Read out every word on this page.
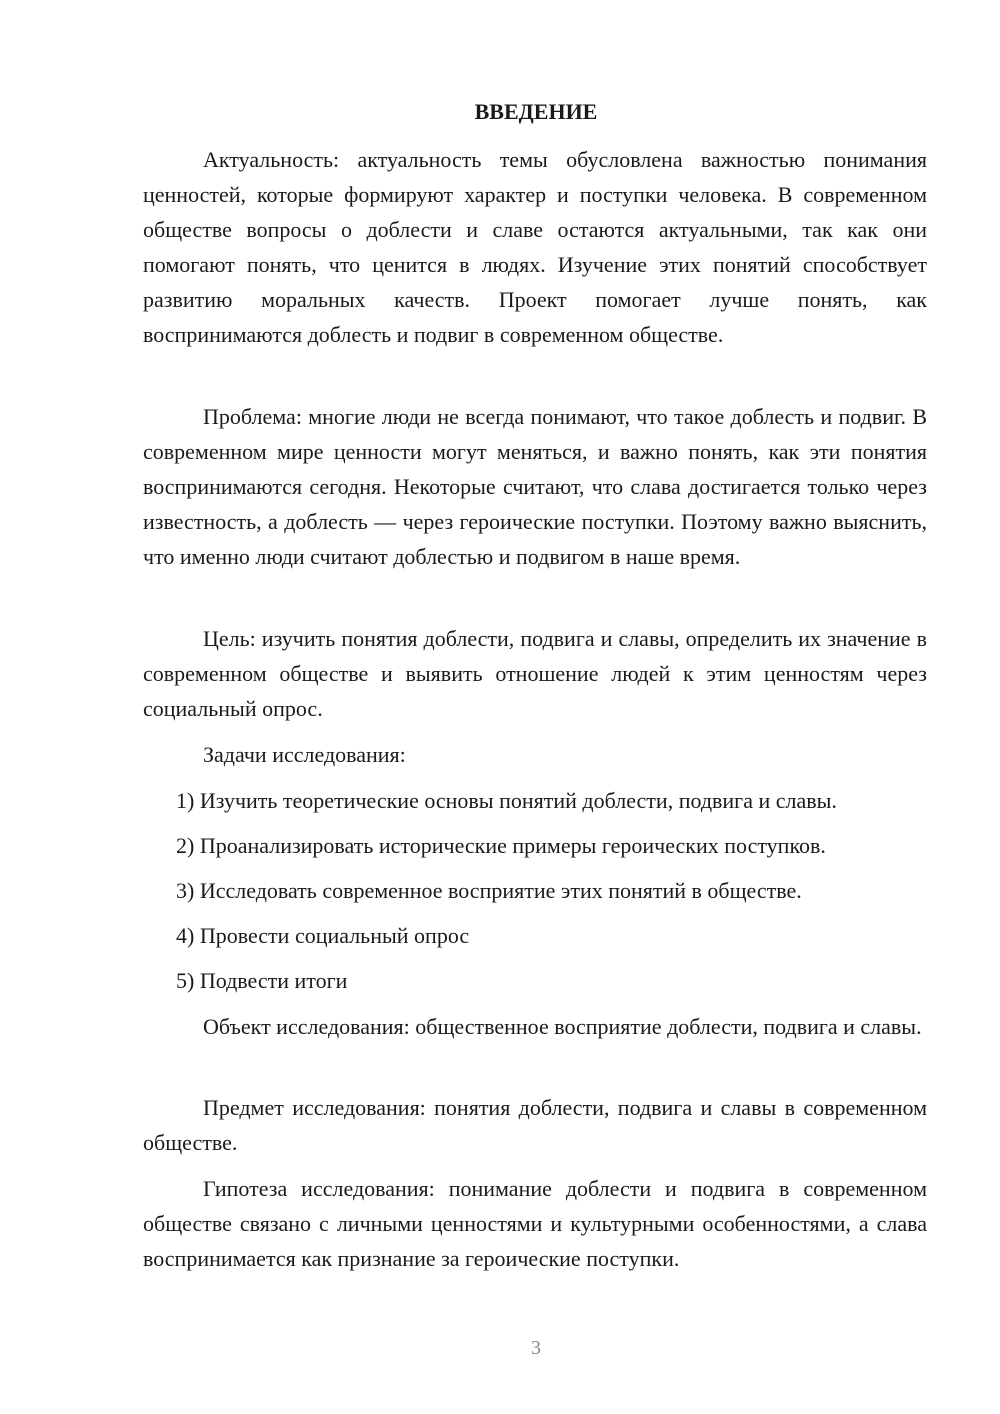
ВВЕДЕНИЕ

Актуальность: актуальность темы обусловлена важностью понимания ценностей, которые формируют характер и поступки человека. В современном обществе вопросы о доблести и славе остаются актуальными, так как они помогают понять, что ценится в людях. Изучение этих понятий способствует развитию моральных качеств. Проект помогает лучше понять, как воспринимаются доблесть и подвиг в современном обществе.

Проблема: многие люди не всегда понимают, что такое доблесть и подвиг. В современном мире ценности могут меняться, и важно понять, как эти понятия воспринимаются сегодня. Некоторые считают, что слава достигается только через известность, а доблесть — через героические поступки. Поэтому важно выяснить, что именно люди считают доблестью и подвигом в наше время.

Цель: изучить понятия доблести, подвига и славы, определить их значение в современном обществе и выявить отношение людей к этим ценностям через социальный опрос.

Задачи исследования:

1) Изучить теоретические основы понятий доблести, подвига и славы.

2) Проанализировать исторические примеры героических поступков.

3) Исследовать современное восприятие этих понятий в обществе.

4) Провести социальный опрос

5) Подвести итоги

Объект исследования: общественное восприятие доблести, подвига и славы.

Предмет исследования: понятия доблести, подвига и славы в современном обществе.

Гипотеза исследования: понимание доблести и подвига в современном обществе связано с личными ценностями и культурными особенностями, а слава воспринимается как признание за героические поступки.

3
